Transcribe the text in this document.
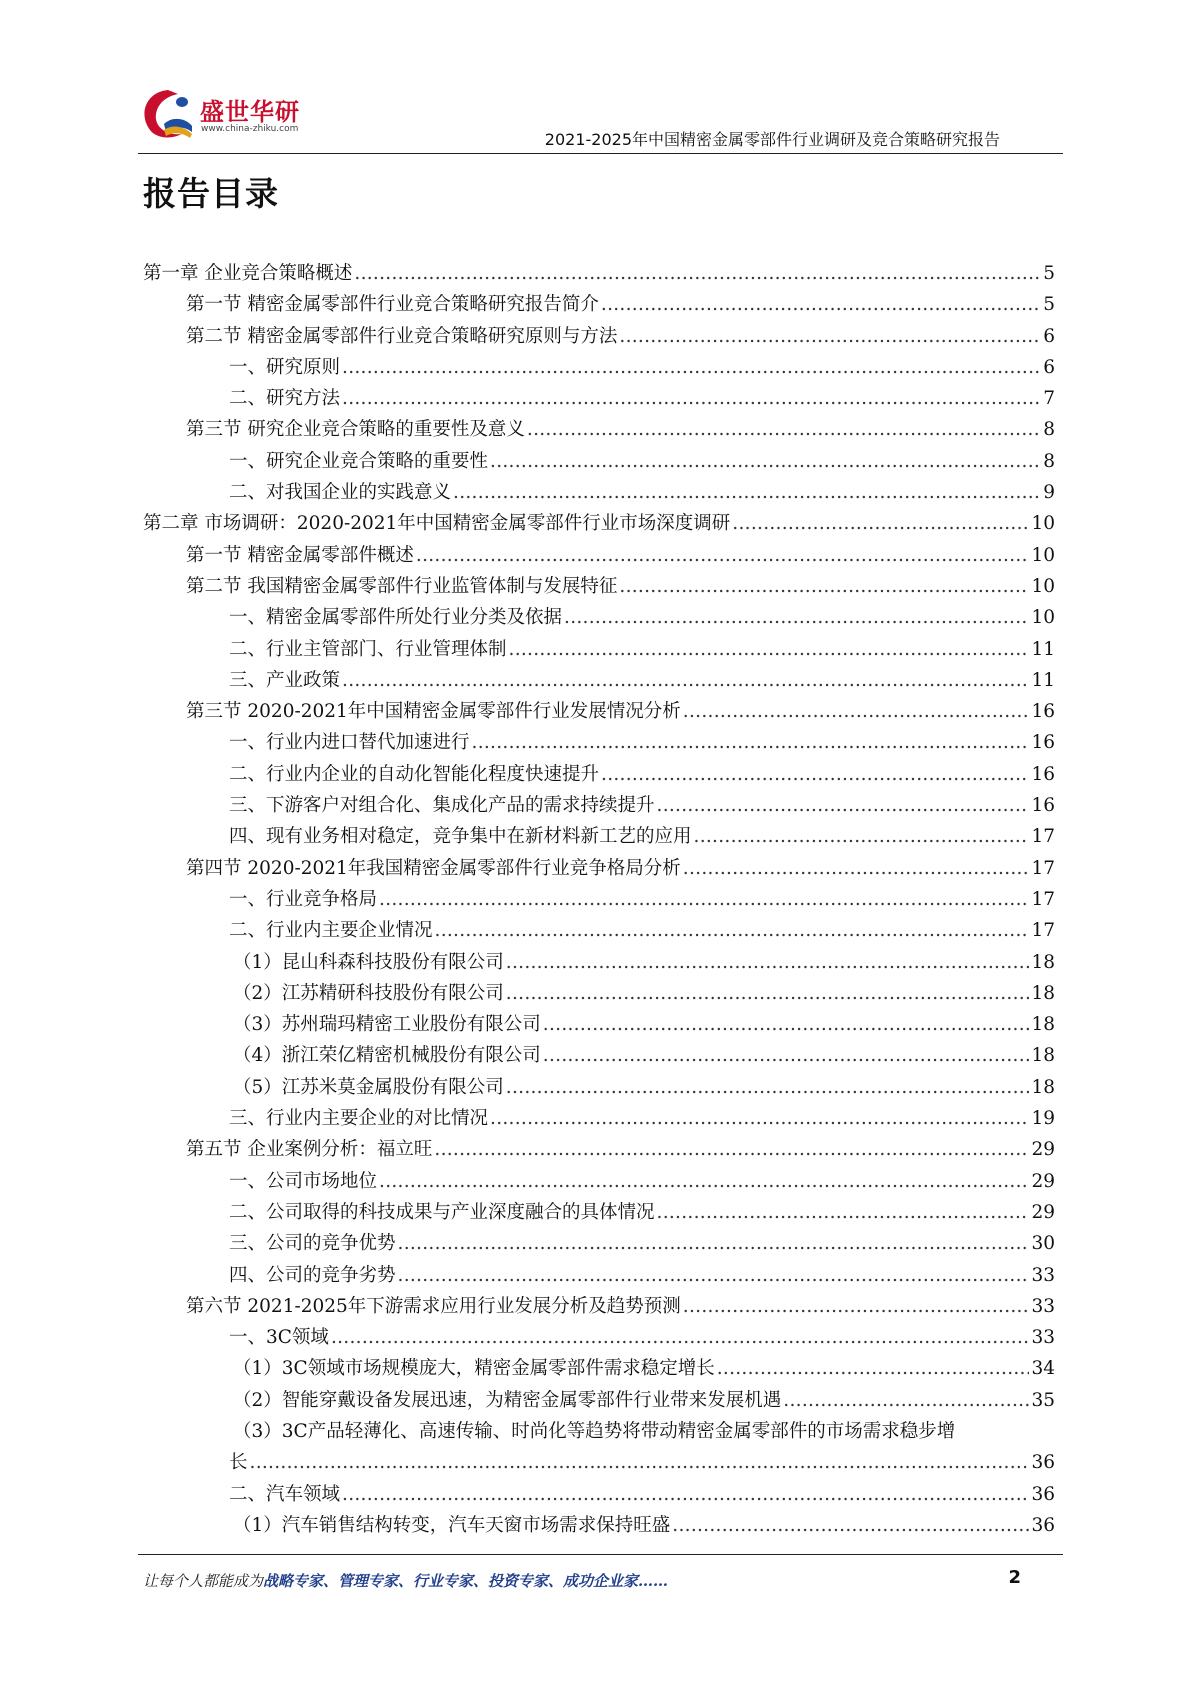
盛世华研
www.china-zhiku.com
2021-2025年中国精密金属零部件行业调研及竞合策略研究报告
报告目录
第一章 企业竞合策略概述 .....	5
第一节 精密金属零部件行业竞合策略研究报告简介 .....	5
第二节 精密金属零部件行业竞合策略研究原则与方法 .....	6
一、研究原则 .....	6
二、研究方法 .....	7
第三节 研究企业竞合策略的重要性及意义 .....	8
一、研究企业竞合策略的重要性 .....	8
二、对我国企业的实践意义 .....	9
第二章 市场调研：2020-2021年中国精密金属零部件行业市场深度调研 .....	10
第一节 精密金属零部件概述 .....	10
第二节 我国精密金属零部件行业监管体制与发展特征 .....	10
一、精密金属零部件所处行业分类及依据 .....	10
二、行业主管部门、行业管理体制 .....	11
三、产业政策 .....	11
第三节 2020-2021年中国精密金属零部件行业发展情况分析 .....	16
一、行业内进口替代加速进行 .....	16
二、行业内企业的自动化智能化程度快速提升 .....	16
三、下游客户对组合化、集成化产品的需求持续提升 .....	16
四、现有业务相对稳定，竞争集中在新材料新工艺的应用 .....	17
第四节 2020-2021年我国精密金属零部件行业竞争格局分析 .....	17
一、行业竞争格局 .....	17
二、行业内主要企业情况 .....	17
（1）昆山科森科技股份有限公司 .....	18
（2）江苏精研科技股份有限公司 .....	18
（3）苏州瑞玛精密工业股份有限公司 .....	18
（4）浙江荣亿精密机械股份有限公司 .....	18
（5）江苏米莫金属股份有限公司 .....	18
三、行业内主要企业的对比情况 .....	19
第五节 企业案例分析：福立旺 .....	29
一、公司市场地位 .....	29
二、公司取得的科技成果与产业深度融合的具体情况 .....	29
三、公司的竞争优势 .....	30
四、公司的竞争劣势 .....	33
第六节 2021-2025年下游需求应用行业发展分析及趋势预测 .....	33
一、3C领域 .....	33
（1）3C领域市场规模庞大，精密金属零部件需求稳定增长 .....	34
（2）智能穿戴设备发展迅速，为精密金属零部件行业带来发展机遇 .....	35
（3）3C产品轻薄化、高速传输、时尚化等趋势将带动精密金属零部件的市场需求稳步增
长 .....	36
二、汽车领域 .....	36
（1）汽车销售结构转变，汽车天窗市场需求保持旺盛 .....	36
让每个人都能成为战略专家、管理专家、行业专家、投资专家、成功企业家……	2
